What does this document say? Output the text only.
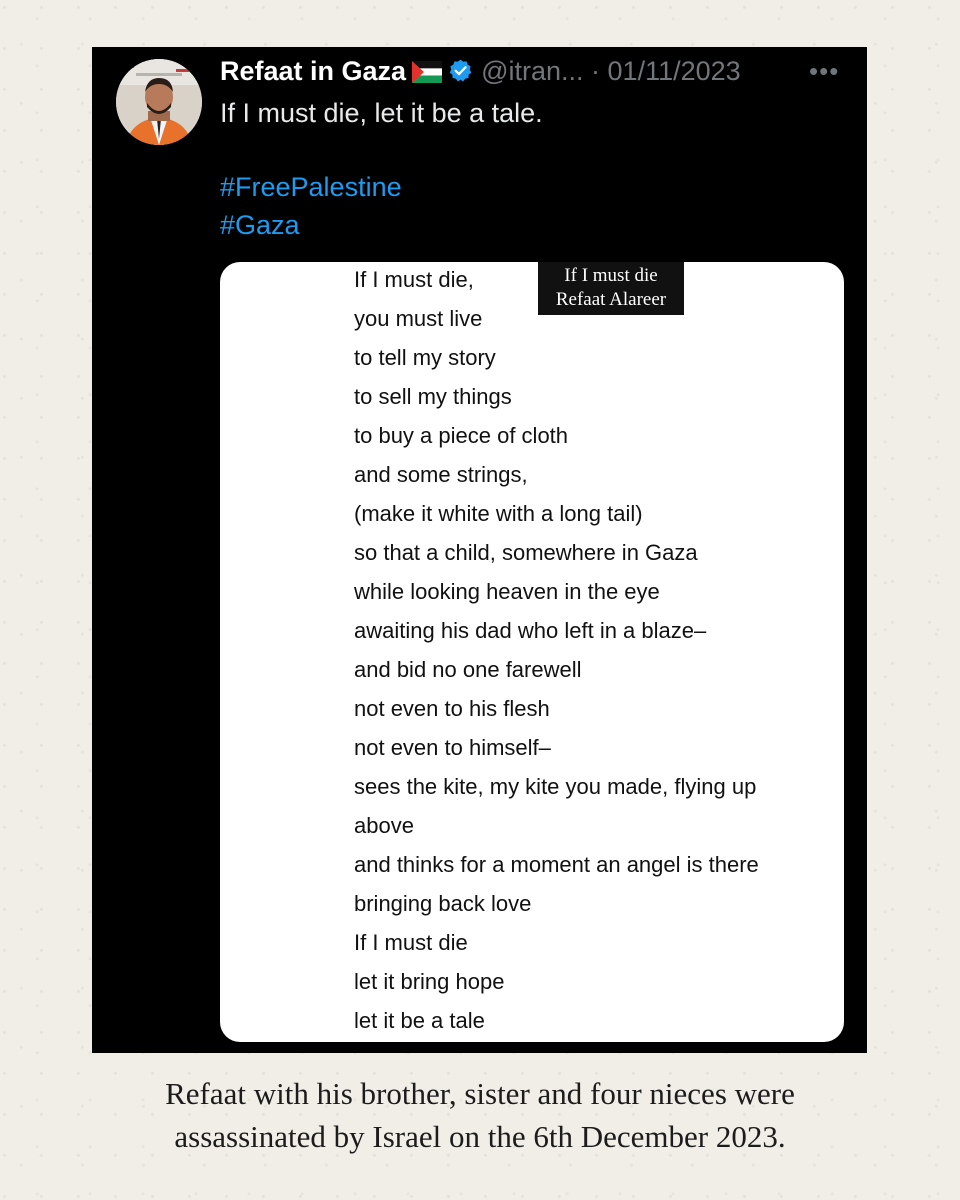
Refaat in Gaza	@itran... · 01/11/2023	•••

If I must die, let it be a tale.

#FreePalestine
#Gaza
If I must die,
you must live
to tell my story
to sell my things
to buy a piece of cloth
and some strings,
(make it white with a long tail)
so that a child, somewhere in Gaza
while looking heaven in the eye
awaiting his dad who left in a blaze–
and bid no one farewell
not even to his flesh
not even to himself–
sees the kite, my kite you made, flying up
above
and thinks for a moment an angel is there
bringing back love
If I must die
let it bring hope
let it be a tale
If I must die
Refaat Alareer
Refaat with his brother, sister and four nieces were
assassinated by Israel on the 6th December 2023.
